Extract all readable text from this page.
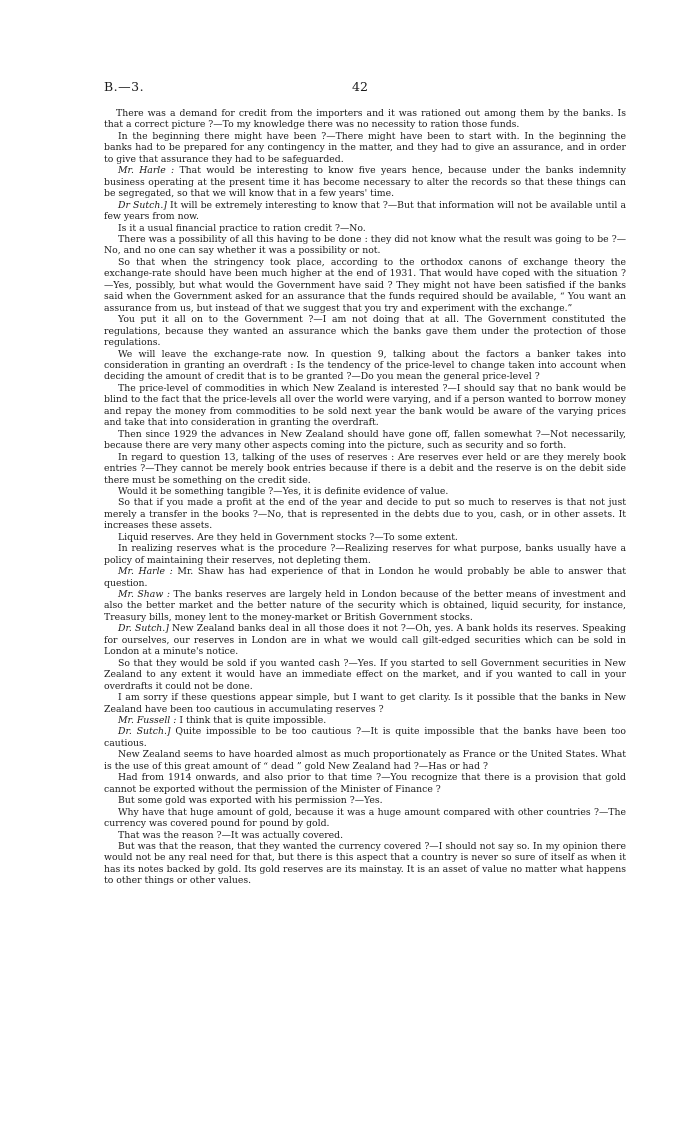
B.—3.	42

There was a demand for credit from the importers and it was rationed out among them by the banks. Is that a correct picture ?—To my knowledge there was no necessity to ration those funds.

In the beginning there might have been ?—There might have been to start with. In the beginning the banks had to be prepared for any contingency in the matter, and they had to give an assurance, and in order to give that assurance they had to be safeguarded.

Mr. Harle : That would be interesting to know five years hence, because under the banks indemnity business operating at the present time it has become necessary to alter the records so that these things can be segregated, so that we will know that in a few years' time.

Dr Sutch.] It will be extremely interesting to know that ?—But that information will not be available until a few years from now.

Is it a usual financial practice to ration credit ?—No.

There was a possibility of all this having to be done : they did not know what the result was going to be ?—No, and no one can say whether it was a possibility or not.

So that when the stringency took place, according to the orthodox canons of exchange theory the exchange-rate should have been much higher at the end of 1931. That would have coped with the situation ?—Yes, possibly, but what would the Government have said ? They might not have been satisfied if the banks said when the Government asked for an assurance that the funds required should be available, “ You want an assurance from us, but instead of that we suggest that you try and experiment with the exchange.”

You put it all on to the Government ?—I am not doing that at all. The Government constituted the regulations, because they wanted an assurance which the banks gave them under the protection of those regulations.

We will leave the exchange-rate now. In question 9, talking about the factors a banker takes into consideration in granting an overdraft : Is the tendency of the price-level to change taken into account when deciding the amount of credit that is to be granted ?—Do you mean the general price-level ?

The price-level of commodities in which New Zealand is interested ?—I should say that no bank would be blind to the fact that the price-levels all over the world were varying, and if a person wanted to borrow money and repay the money from commodities to be sold next year the bank would be aware of the varying prices and take that into consideration in granting the overdraft.

Then since 1929 the advances in New Zealand should have gone off, fallen somewhat ?—Not necessarily, because there are very many other aspects coming into the picture, such as security and so forth.

In regard to question 13, talking of the uses of reserves : Are reserves ever held or are they merely book entries ?—They cannot be merely book entries because if there is a debit and the reserve is on the debit side there must be something on the credit side.

Would it be something tangible ?—Yes, it is definite evidence of value.

So that if you made a profit at the end of the year and decide to put so much to reserves is that not just merely a transfer in the books ?—No, that is represented in the debts due to you, cash, or in other assets. It increases these assets.

Liquid reserves. Are they held in Government stocks ?—To some extent.

In realizing reserves what is the procedure ?—Realizing reserves for what purpose, banks usually have a policy of maintaining their reserves, not depleting them.

Mr. Harle : Mr. Shaw has had experience of that in London he would probably be able to answer that question.

Mr. Shaw : The banks reserves are largely held in London because of the better means of investment and also the better market and the better nature of the security which is obtained, liquid security, for instance, Treasury bills, money lent to the money-market or British Government stocks.

Dr. Sutch.] New Zealand banks deal in all those does it not ?—Oh, yes. A bank holds its reserves. Speaking for ourselves, our reserves in London are in what we would call gilt-edged securities which can be sold in London at a minute's notice.

So that they would be sold if you wanted cash ?—Yes. If you started to sell Government securities in New Zealand to any extent it would have an immediate effect on the market, and if you wanted to call in your overdrafts it could not be done.

I am sorry if these questions appear simple, but I want to get clarity. Is it possible that the banks in New Zealand have been too cautious in accumulating reserves ?

Mr. Fussell : I think that is quite impossible.

Dr. Sutch.] Quite impossible to be too cautious ?—It is quite impossible that the banks have been too cautious.

New Zealand seems to have hoarded almost as much proportionately as France or the United States. What is the use of this great amount of “ dead ” gold New Zealand had ?—Has or had ?

Had from 1914 onwards, and also prior to that time ?—You recognize that there is a provision that gold cannot be exported without the permission of the Minister of Finance ?

But some gold was exported with his permission ?—Yes.

Why have that huge amount of gold, because it was a huge amount compared with other countries ?—The currency was covered pound for pound by gold.

That was the reason ?—It was actually covered.

But was that the reason, that they wanted the currency covered ?—I should not say so. In my opinion there would not be any real need for that, but there is this aspect that a country is never so sure of itself as when it has its notes backed by gold. Its gold reserves are its mainstay. It is an asset of value no matter what happens to other things or other values.
